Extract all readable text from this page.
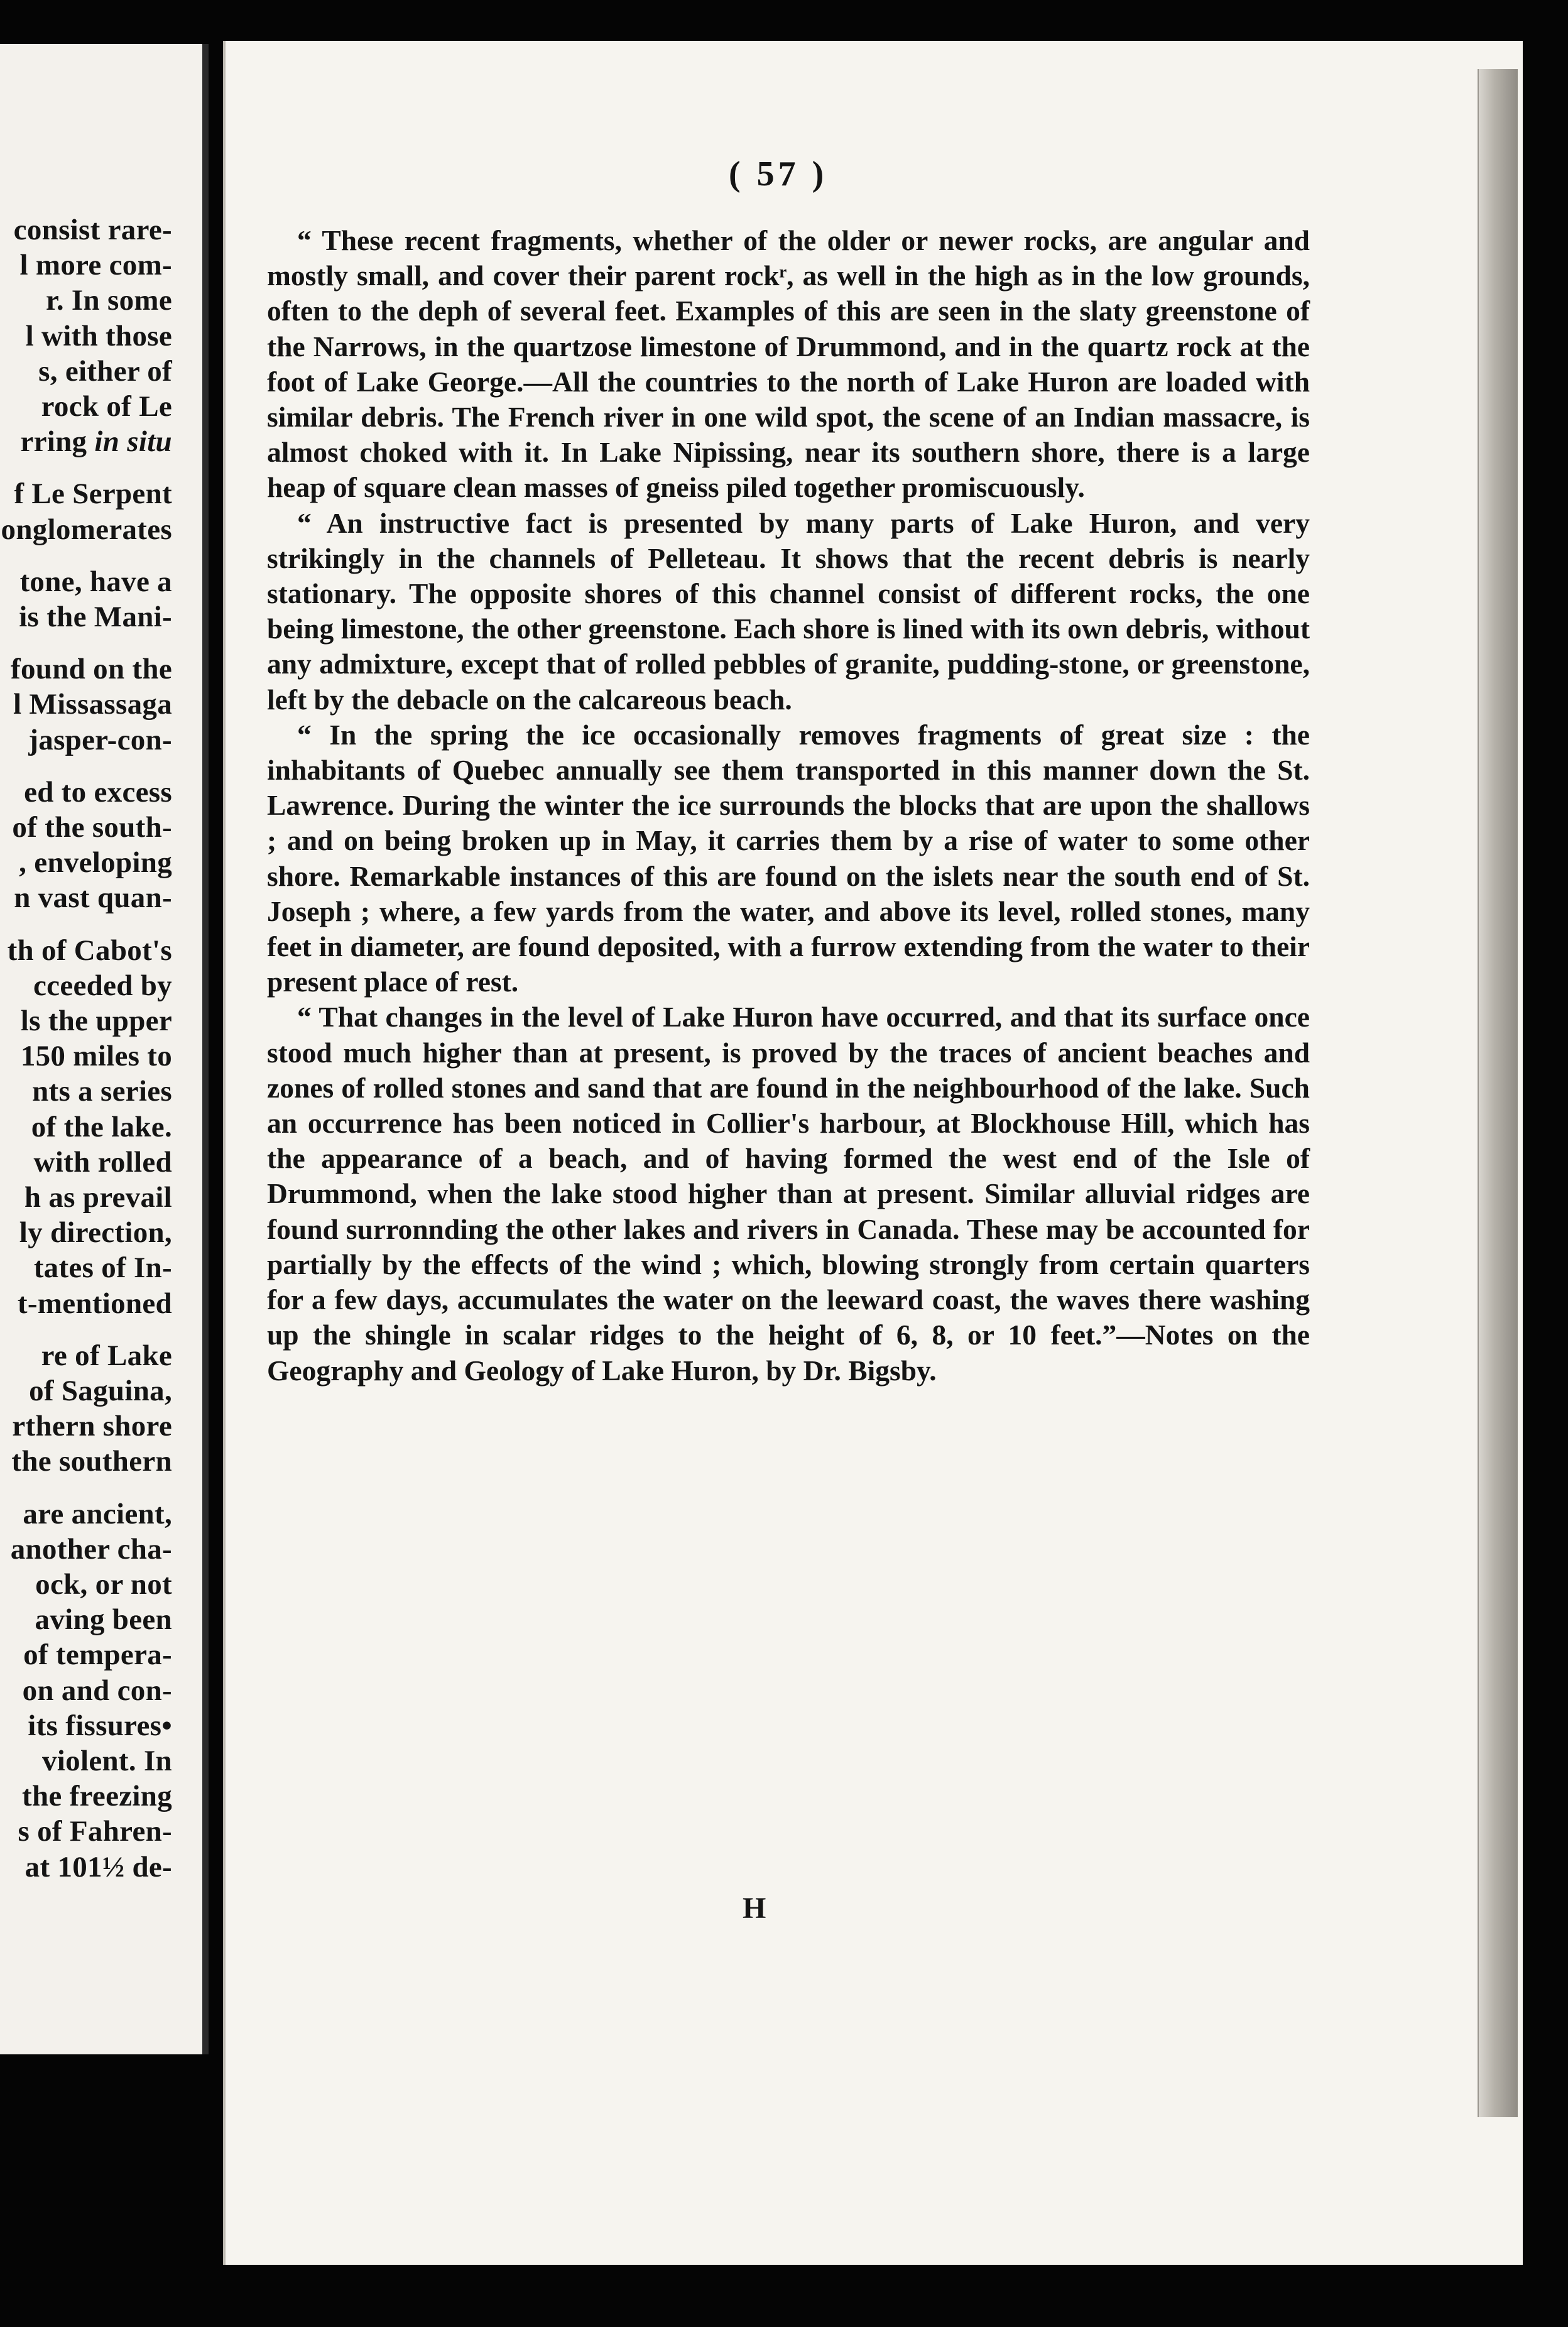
consist rare-
l more com-
r. In some
l with those
s, either of
rock of Le
rring in situ
f Le Serpent
onglomerates
tone, have a
is the Mani-
found on the
l Missassaga
jasper-con-
ed to excess
of the south-
, enveloping
n vast quan-
th of Cabot's
cceeded by
ls the upper
150 miles to
nts a series
of the lake.
with rolled
h as prevail
ly direction,
tates of In-
t-mentioned
re of Lake
of Saguina,
rthern shore
the southern
are ancient,
another cha-
ock, or not
aving been
of tempera-
on and con-
its fissures•
violent. In
the freezing
s of Fahren-
at 101½ de-
( 57 )

“ These recent fragments, whether of the older or newer rocks, are angular and mostly small, and cover their parent rockʳ, as well in the high as in the low grounds, often to the deph of several feet. Examples of this are seen in the slaty greenstone of the Narrows, in the quartzose limestone of Drummond, and in the quartz rock at the foot of Lake George.—All the countries to the north of Lake Huron are loaded with similar debris. The French river in one wild spot, the scene of an Indian massacre, is almost choked with it. In Lake Nipissing, near its southern shore, there is a large heap of square clean masses of gneiss piled together promiscuously.

“ An instructive fact is presented by many parts of Lake Huron, and very strikingly in the channels of Pelleteau. It shows that the recent debris is nearly stationary. The opposite shores of this channel consist of different rocks, the one being limestone, the other greenstone. Each shore is lined with its own debris, without any admixture, except that of rolled pebbles of granite, pudding-stone, or greenstone, left by the debacle on the calcareous beach.

“ In the spring the ice occasionally removes fragments of great size : the inhabitants of Quebec annually see them transported in this manner down the St. Lawrence. During the winter the ice surrounds the blocks that are upon the shallows ; and on being broken up in May, it carries them by a rise of water to some other shore. Remarkable instances of this are found on the islets near the south end of St. Joseph ; where, a few yards from the water, and above its level, rolled stones, many feet in diameter, are found deposited, with a furrow extending from the water to their present place of rest.

“ That changes in the level of Lake Huron have occurred, and that its surface once stood much higher than at present, is proved by the traces of ancient beaches and zones of rolled stones and sand that are found in the neighbourhood of the lake. Such an occurrence has been noticed in Collier's harbour, at Blockhouse Hill, which has the appearance of a beach, and of having formed the west end of the Isle of Drummond, when the lake stood higher than at present. Similar alluvial ridges are found surronnding the other lakes and rivers in Canada. These may be accounted for partially by the effects of the wind ; which, blowing strongly from certain quarters for a few days, accumulates the water on the leeward coast, the waves there washing up the shingle in scalar ridges to the height of 6, 8, or 10 feet.”—Notes on the Geography and Geology of Lake Huron, by Dr. Bigsby.

H
